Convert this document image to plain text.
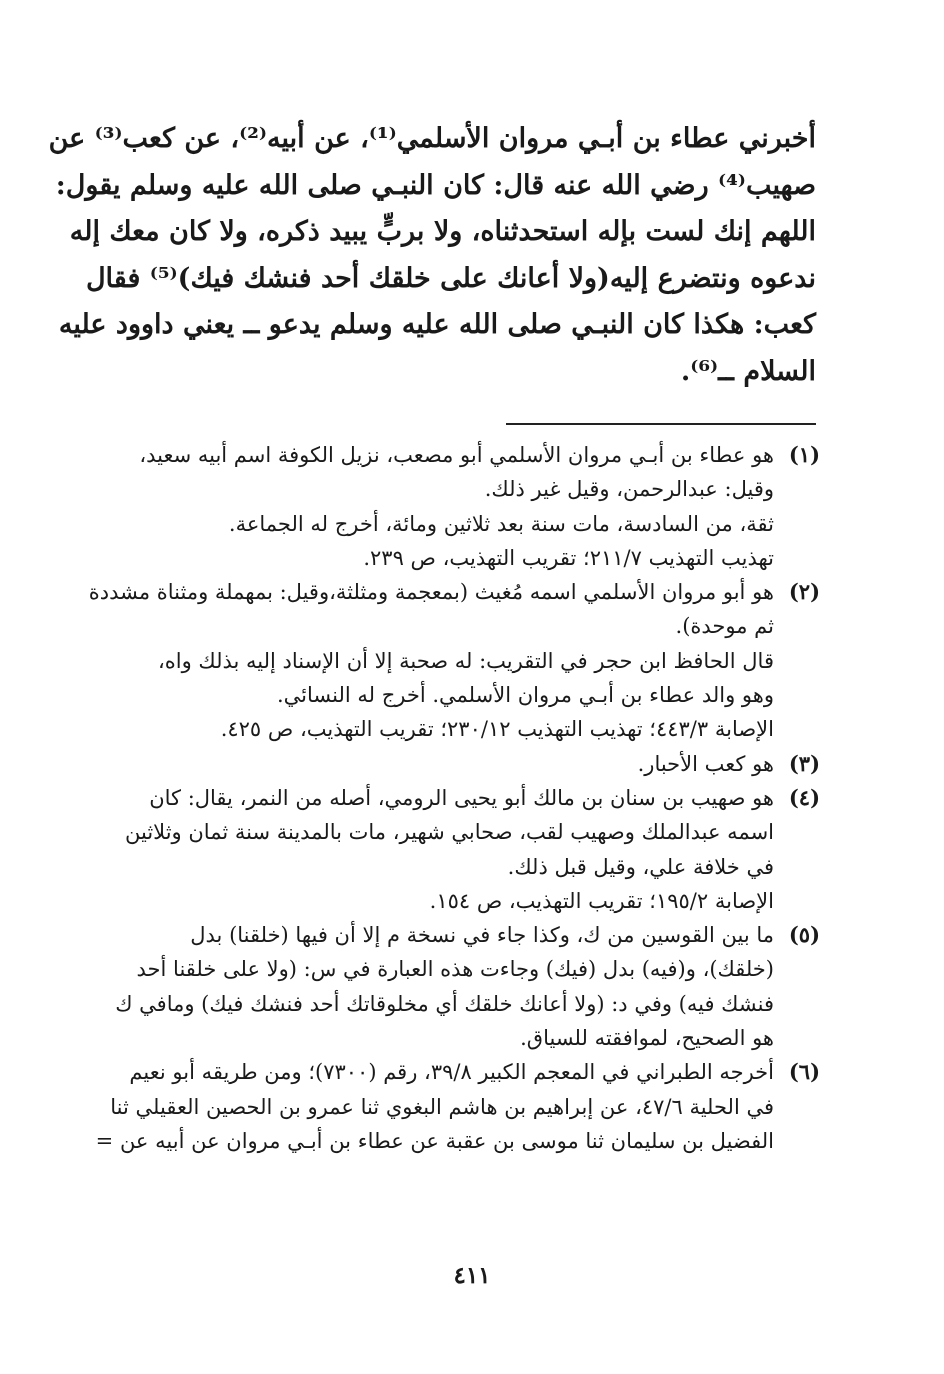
أخبرني عطاء بن أبـي مروان الأسلمي⁽¹⁾، عن أبيه⁽²⁾، عن كعب⁽³⁾ عن
صهيب⁽⁴⁾ رضي الله عنه قال: كان النبـي صلى الله عليه وسلم يقول:
اللهم إنك لست بإله استحدثناه، ولا بربٍّ يبيد ذكره، ولا كان معك إله
ندعوه ونتضرع إليه(ولا أعانك على خلقك أحد فنشك فيك)⁽⁵⁾ فقال
كعب: هكذا كان النبـي صلى الله عليه وسلم يدعو ــ يعني داوود عليه
السلام ــ⁽⁶⁾.
(١)
هو عطاء بن أبـي مروان الأسلمي أبو مصعب، نزيل الكوفة اسم أبيه سعيد،
وقيل: عبدالرحمن، وقيل غير ذلك.
ثقة، من السادسة، مات سنة بعد ثلاثين ومائة، أخرج له الجماعة.
تهذيب التهذيب ٢١١/٧؛ تقريب التهذيب، ص ٢٣٩.
(٢)
هو أبو مروان الأسلمي اسمه مُغيث (بمعجمة ومثلثة،وقيل: بمهملة ومثناة مشددة
ثم موحدة).
قال الحافظ ابن حجر في التقريب: له صحبة إلا أن الإسناد إليه بذلك واه،
وهو والد عطاء بن أبـي مروان الأسلمي. أخرج له النسائي.
الإصابة ٤٤٣/٣؛ تهذيب التهذيب ٢٣٠/١٢؛ تقريب التهذيب، ص ٤٢٥.
(٣)
هو كعب الأحبار.
(٤)
هو صهيب بن سنان بن مالك أبو يحيى الرومي، أصله من النمر، يقال: كان
اسمه عبدالملك وصهيب لقب، صحابي شهير، مات بالمدينة سنة ثمان وثلاثين
في خلافة علي، وقيل قبل ذلك.
الإصابة ١٩٥/٢؛ تقريب التهذيب، ص ١٥٤.
(٥)
ما بين القوسين من ك، وكذا جاء في نسخة م إلا أن فيها (خلقنا) بدل
(خلقك)، و(فيه) بدل (فيك) وجاءت هذه العبارة في س: (ولا على خلقنا أحد
فنشك فيه) وفي د: (ولا أعانك خلقك أي مخلوقاتك أحد فنشك فيك) ومافي ك
هو الصحيح، لموافقته للسياق.
(٦)
أخرجه الطبراني في المعجم الكبير ٣٩/٨، رقم (٧٣٠٠)؛ ومن طريقه أبو نعيم
في الحلية ٤٧/٦، عن إبراهيم بن هاشم البغوي ثنا عمرو بن الحصين العقيلي ثنا
الفضيل بن سليمان ثنا موسى بن عقبة عن عطاء بن أبـي مروان عن أبيه عن =
٤١١
